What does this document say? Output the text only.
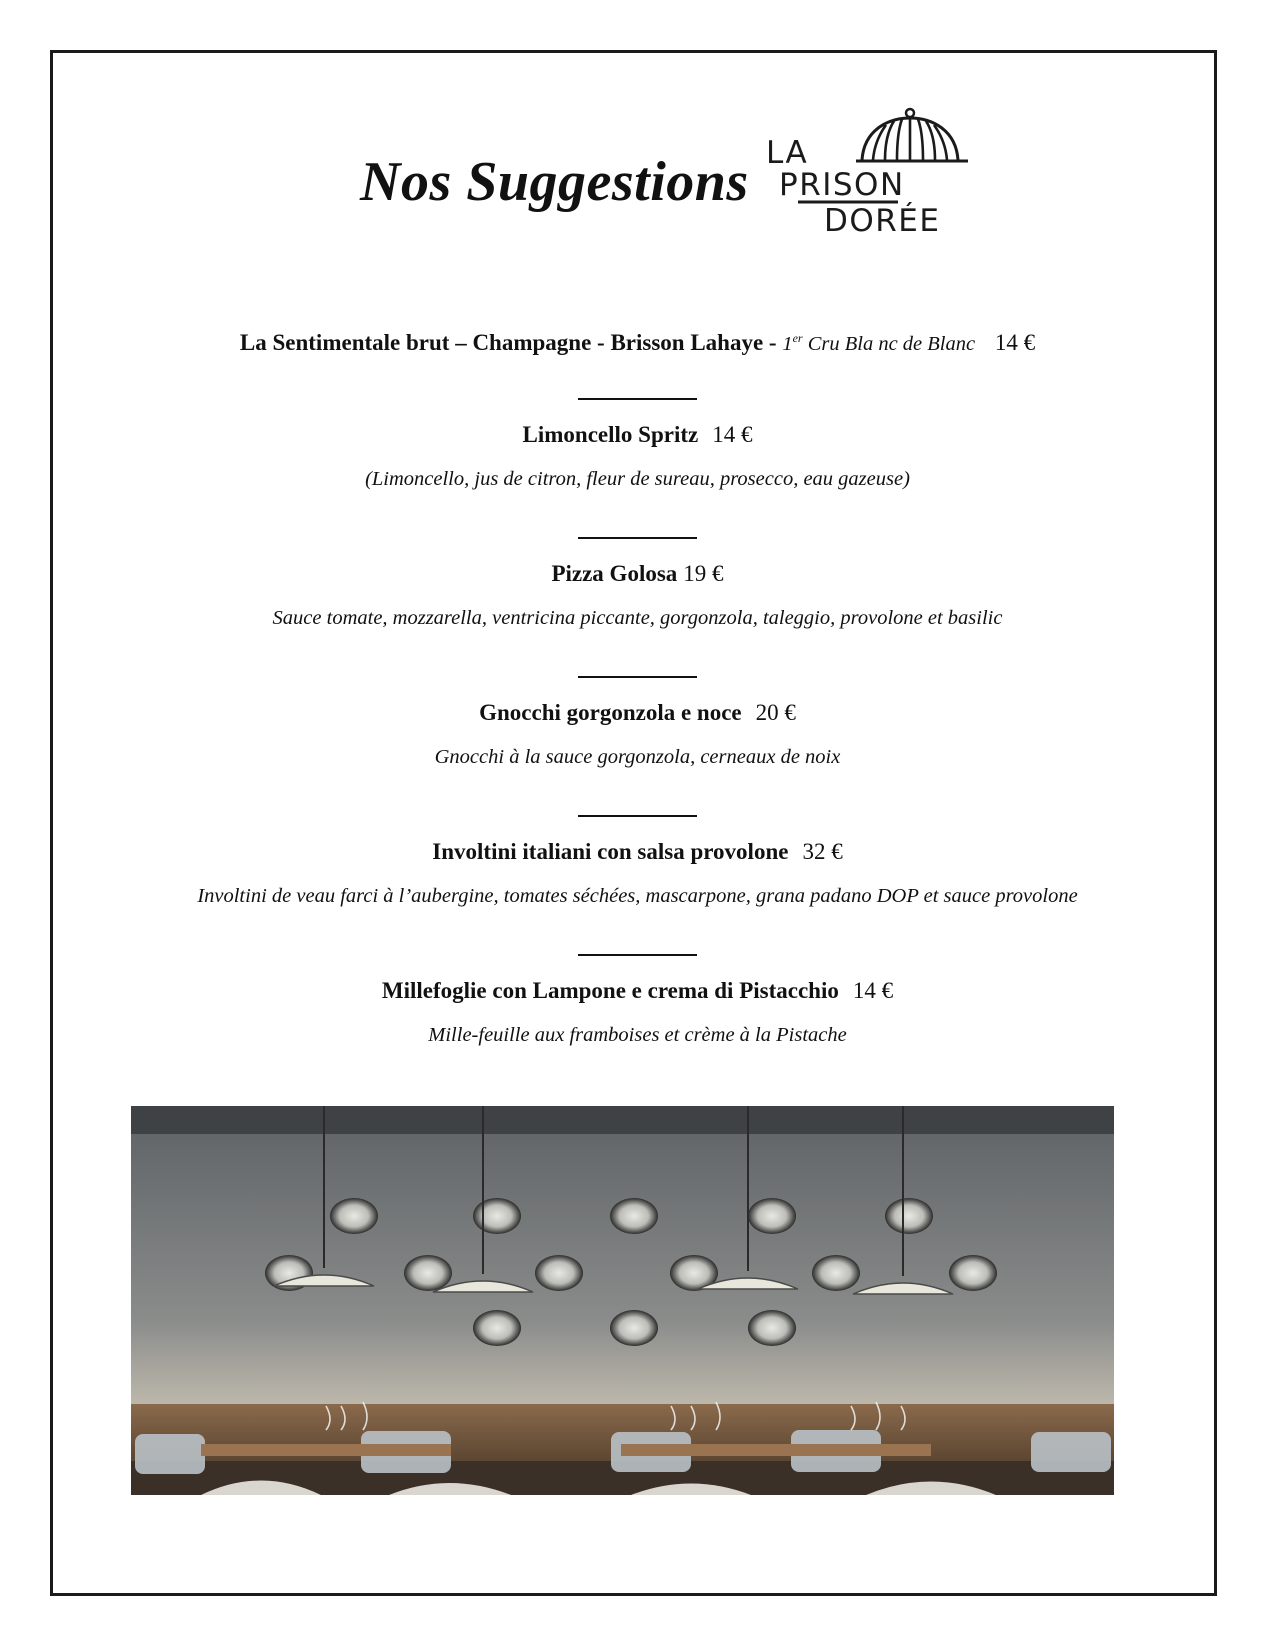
Nos Suggestions LA
PRISON
DORÉE
La Sentimentale brut – Champagne - Brisson Lahaye - 1er Cru Bla nc de Blanc 14 €
Limoncello Spritz 14 €
(Limoncello, jus de citron, fleur de sureau, prosecco, eau gazeuse)
Pizza Golosa 19 €
Sauce tomate, mozzarella, ventricina piccante, gorgonzola, taleggio, provolone et basilic
Gnocchi gorgonzola e noce 20 €
Gnocchi à la sauce gorgonzola, cerneaux de noix
Involtini italiani con salsa provolone 32 €
Involtini de veau farci à l’aubergine, tomates séchées, mascarpone, grana padano DOP et sauce provolone
Millefoglie con Lampone e crema di Pistacchio 14 €
Mille-feuille aux framboises et crème à la Pistache
